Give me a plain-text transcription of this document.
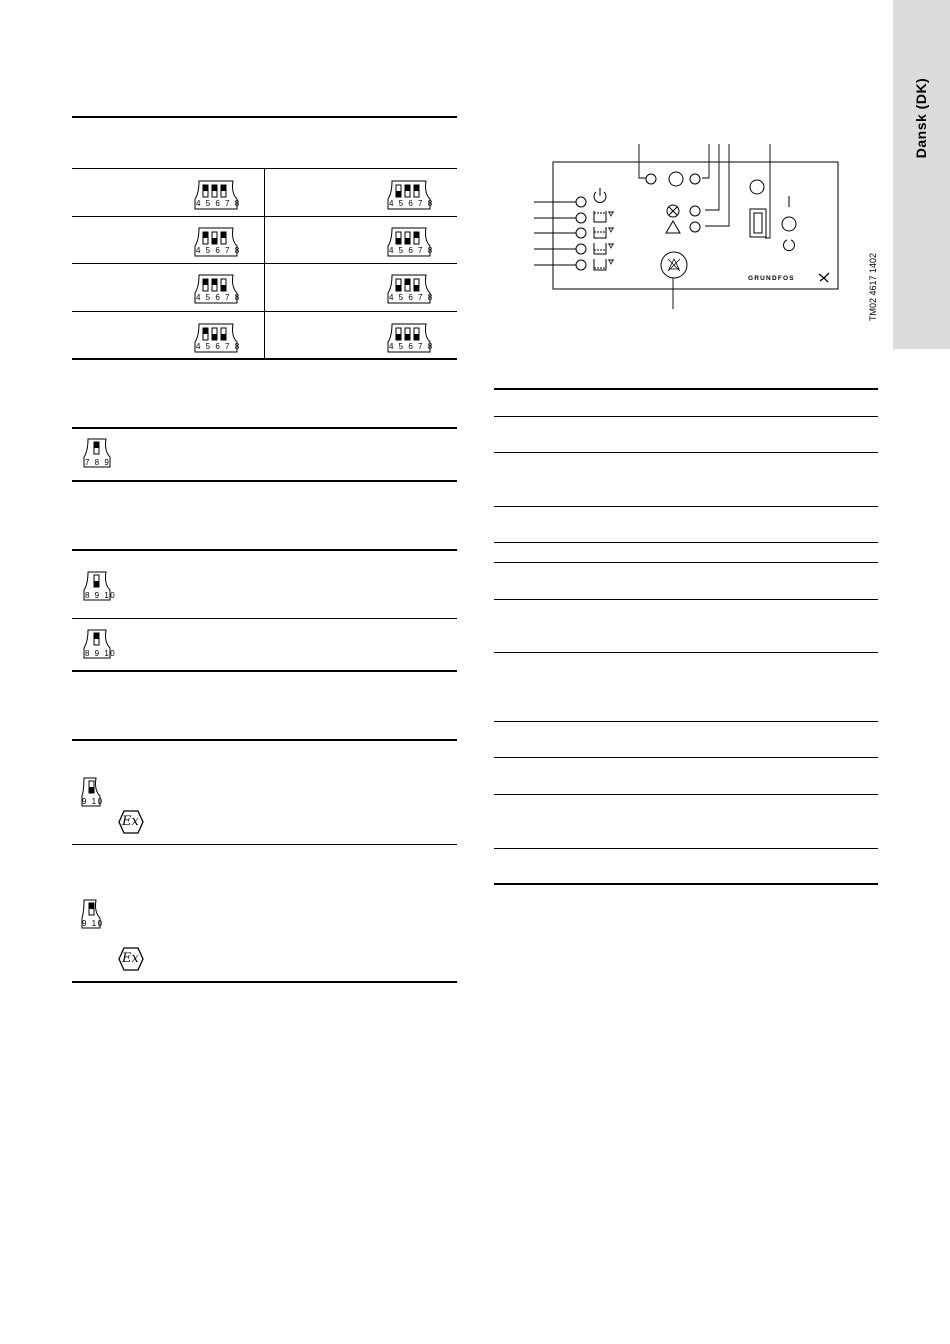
Dansk (DK)
4 5 6 7 8	4 5 6 7 8
4 5 6 7 8	4 5 6 7 8
4 5 6 7 8	4 5 6 7 8
4 5 6 7 8	4 5 6 7 8
7 8 9
8 9 10
8 9 10
9 10
Ex
9 10
Ex
GRUNDFOS	TM02 4617 1402
